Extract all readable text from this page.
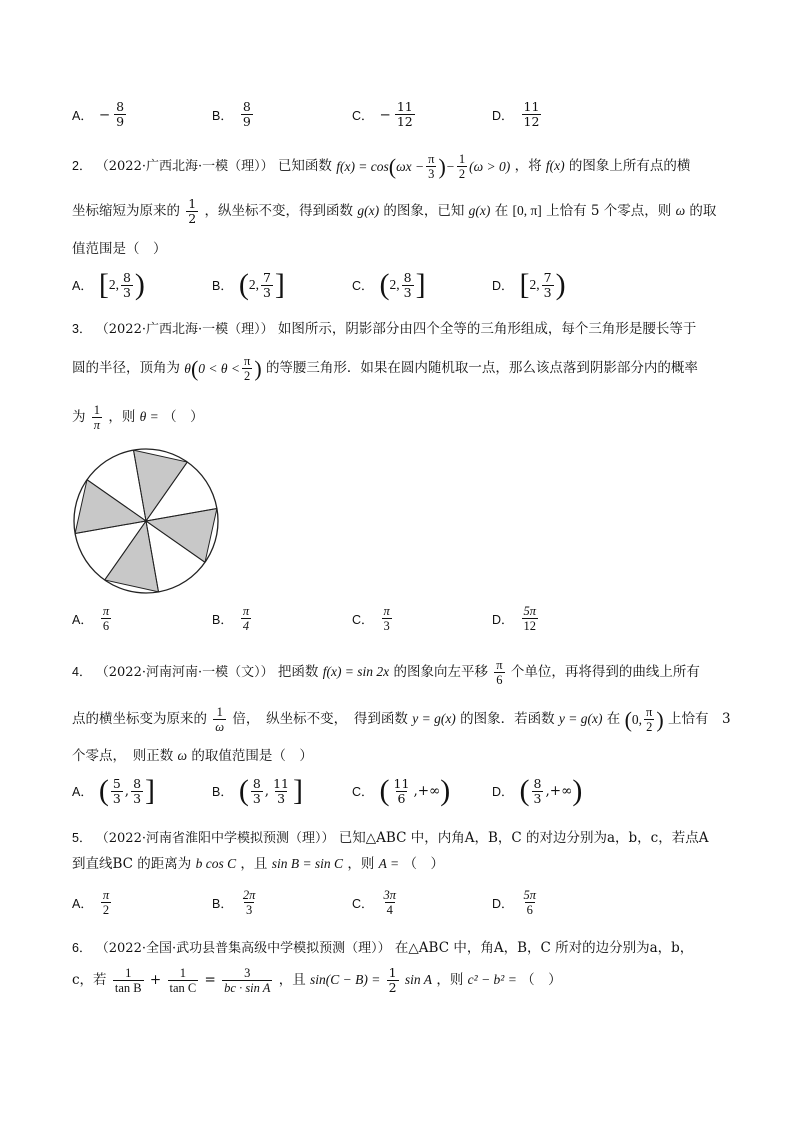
A． − $\frac{8}{9}$	B． $\frac{8}{9}$	C． − $\frac{11}{12}$	D． $\frac{11}{12}$
2． （2022·广西北海·一模（理）） 已知函数 f(x) = cos ( $\omega x - \frac{\pi}{3}$ ) − $\frac{1}{2} (\omega > 0)$ ，将 f(x) 的图象上所有点的横
坐标缩短为原来的 $\frac{1}{2}$ ，纵坐标不变，得到函数 g(x) 的图象，已知 g(x) 在 [0, π] 上恰有 5 个零点，则 ω 的取
值范围是（　）
A． [ 2, $\frac{8}{3}$ )	B． ( 2, $\frac{7}{3}$ ]	C． ( 2, $\frac{8}{3}$ ]	D． [ 2, $\frac{7}{3}$ )
3． （2022·广西北海·一模（理）） 如图所示，阴影部分由四个全等的三角形组成，每个三角形是腰长等于
圆的半径，顶角为 θ ( $0 < \theta < \frac{\pi}{2}$ ) 的等腰三角形．如果在圆内随机取一点，那么该点落到阴影部分内的概率
为 $\frac{1}{\pi}$ ，则 θ = （　）
A． $\frac{\pi}{6}$	B． $\frac{\pi}{4}$	C． $\frac{\pi}{3}$	D． $\frac{5\pi}{12}$
4． （2022·河南河南·一模（文）） 把函数 f(x) = sin 2x 的图象向左平移 $\frac{\pi}{6}$ 个单位，再将得到的曲线上所有
点的横坐标变为原来的 $\frac{1}{\omega}$ 倍，　纵坐标不变，　得到函数 y = g(x) 的图象．若函数 y = g(x) 在 ( 0, $\frac{\pi}{2}$ ) 上恰有　3
个零点，　则正数 ω 的取值范围是（　）
A． ( $\frac{5}{3}$ , $\frac{8}{3}$ ]	B． ( $\frac{8}{3}$ , $\frac{11}{3}$ ]	C． ( $\frac{11}{6}$ , +∞ )	D． ( $\frac{8}{3}$ , +∞ )
5． （2022·河南省淮阳中学模拟预测（理）） 已知△ABC 中，内角A，B，C 的对边分别为a，b，c，若点A
到直线BC 的距离为 b cos C ，且 sin B = sin C ，则 A = （　）
A． $\frac{\pi}{2}$	B． $\frac{2\pi}{3}$	C． $\frac{3\pi}{4}$	D． $\frac{5\pi}{6}$
6． （2022·全国·武功县普集高级中学模拟预测（理）） 在△ABC 中，角A，B，C 所对的边分别为a，b，
c，若 $\frac{1}{\text{tan B}} + \frac{1}{\text{tan C}} = \frac{3}{\text{bc · sin A}}$ ，且 $\sin(C - B) = \frac{1}{2}$ sin A ，则 c² − b² = （　）
